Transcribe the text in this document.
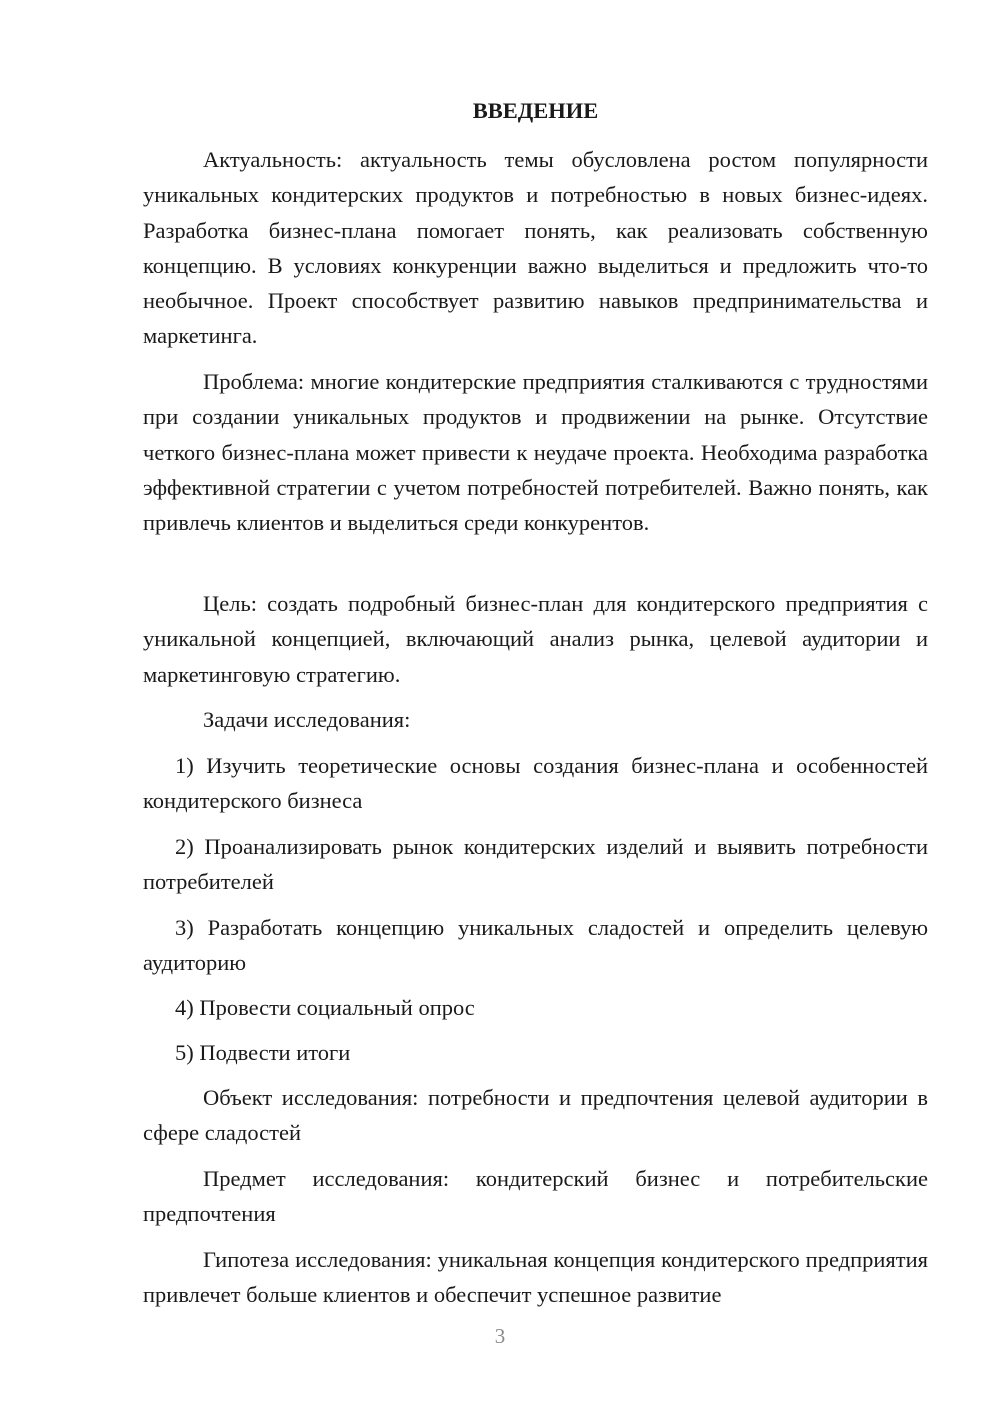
ВВЕДЕНИЕ
Актуальность: актуальность темы обусловлена ростом популярности уникальных кондитерских продуктов и потребностью в новых бизнес-идеях. Разработка бизнес-плана помогает понять, как реализовать собственную концепцию. В условиях конкуренции важно выделиться и предложить что-то необычное. Проект способствует развитию навыков предпринимательства и маркетинга.
Проблема: многие кондитерские предприятия сталкиваются с трудностями при создании уникальных продуктов и продвижении на рынке. Отсутствие четкого бизнес-плана может привести к неудаче проекта. Необходима разработка эффективной стратегии с учетом потребностей потребителей. Важно понять, как привлечь клиентов и выделиться среди конкурентов.
Цель: создать подробный бизнес-план для кондитерского предприятия с уникальной концепцией, включающий анализ рынка, целевой аудитории и маркетинговую стратегию.
Задачи исследования:
1) Изучить теоретические основы создания бизнес-плана и особенностей кондитерского бизнеса
2) Проанализировать рынок кондитерских изделий и выявить потребности потребителей
3) Разработать концепцию уникальных сладостей и определить целевую аудиторию
4) Провести социальный опрос
5) Подвести итоги
Объект исследования: потребности и предпочтения целевой аудитории в сфере сладостей
Предмет исследования: кондитерский бизнес и потребительские предпочтения
Гипотеза исследования: уникальная концепция кондитерского предприятия привлечет больше клиентов и обеспечит успешное развитие
3
